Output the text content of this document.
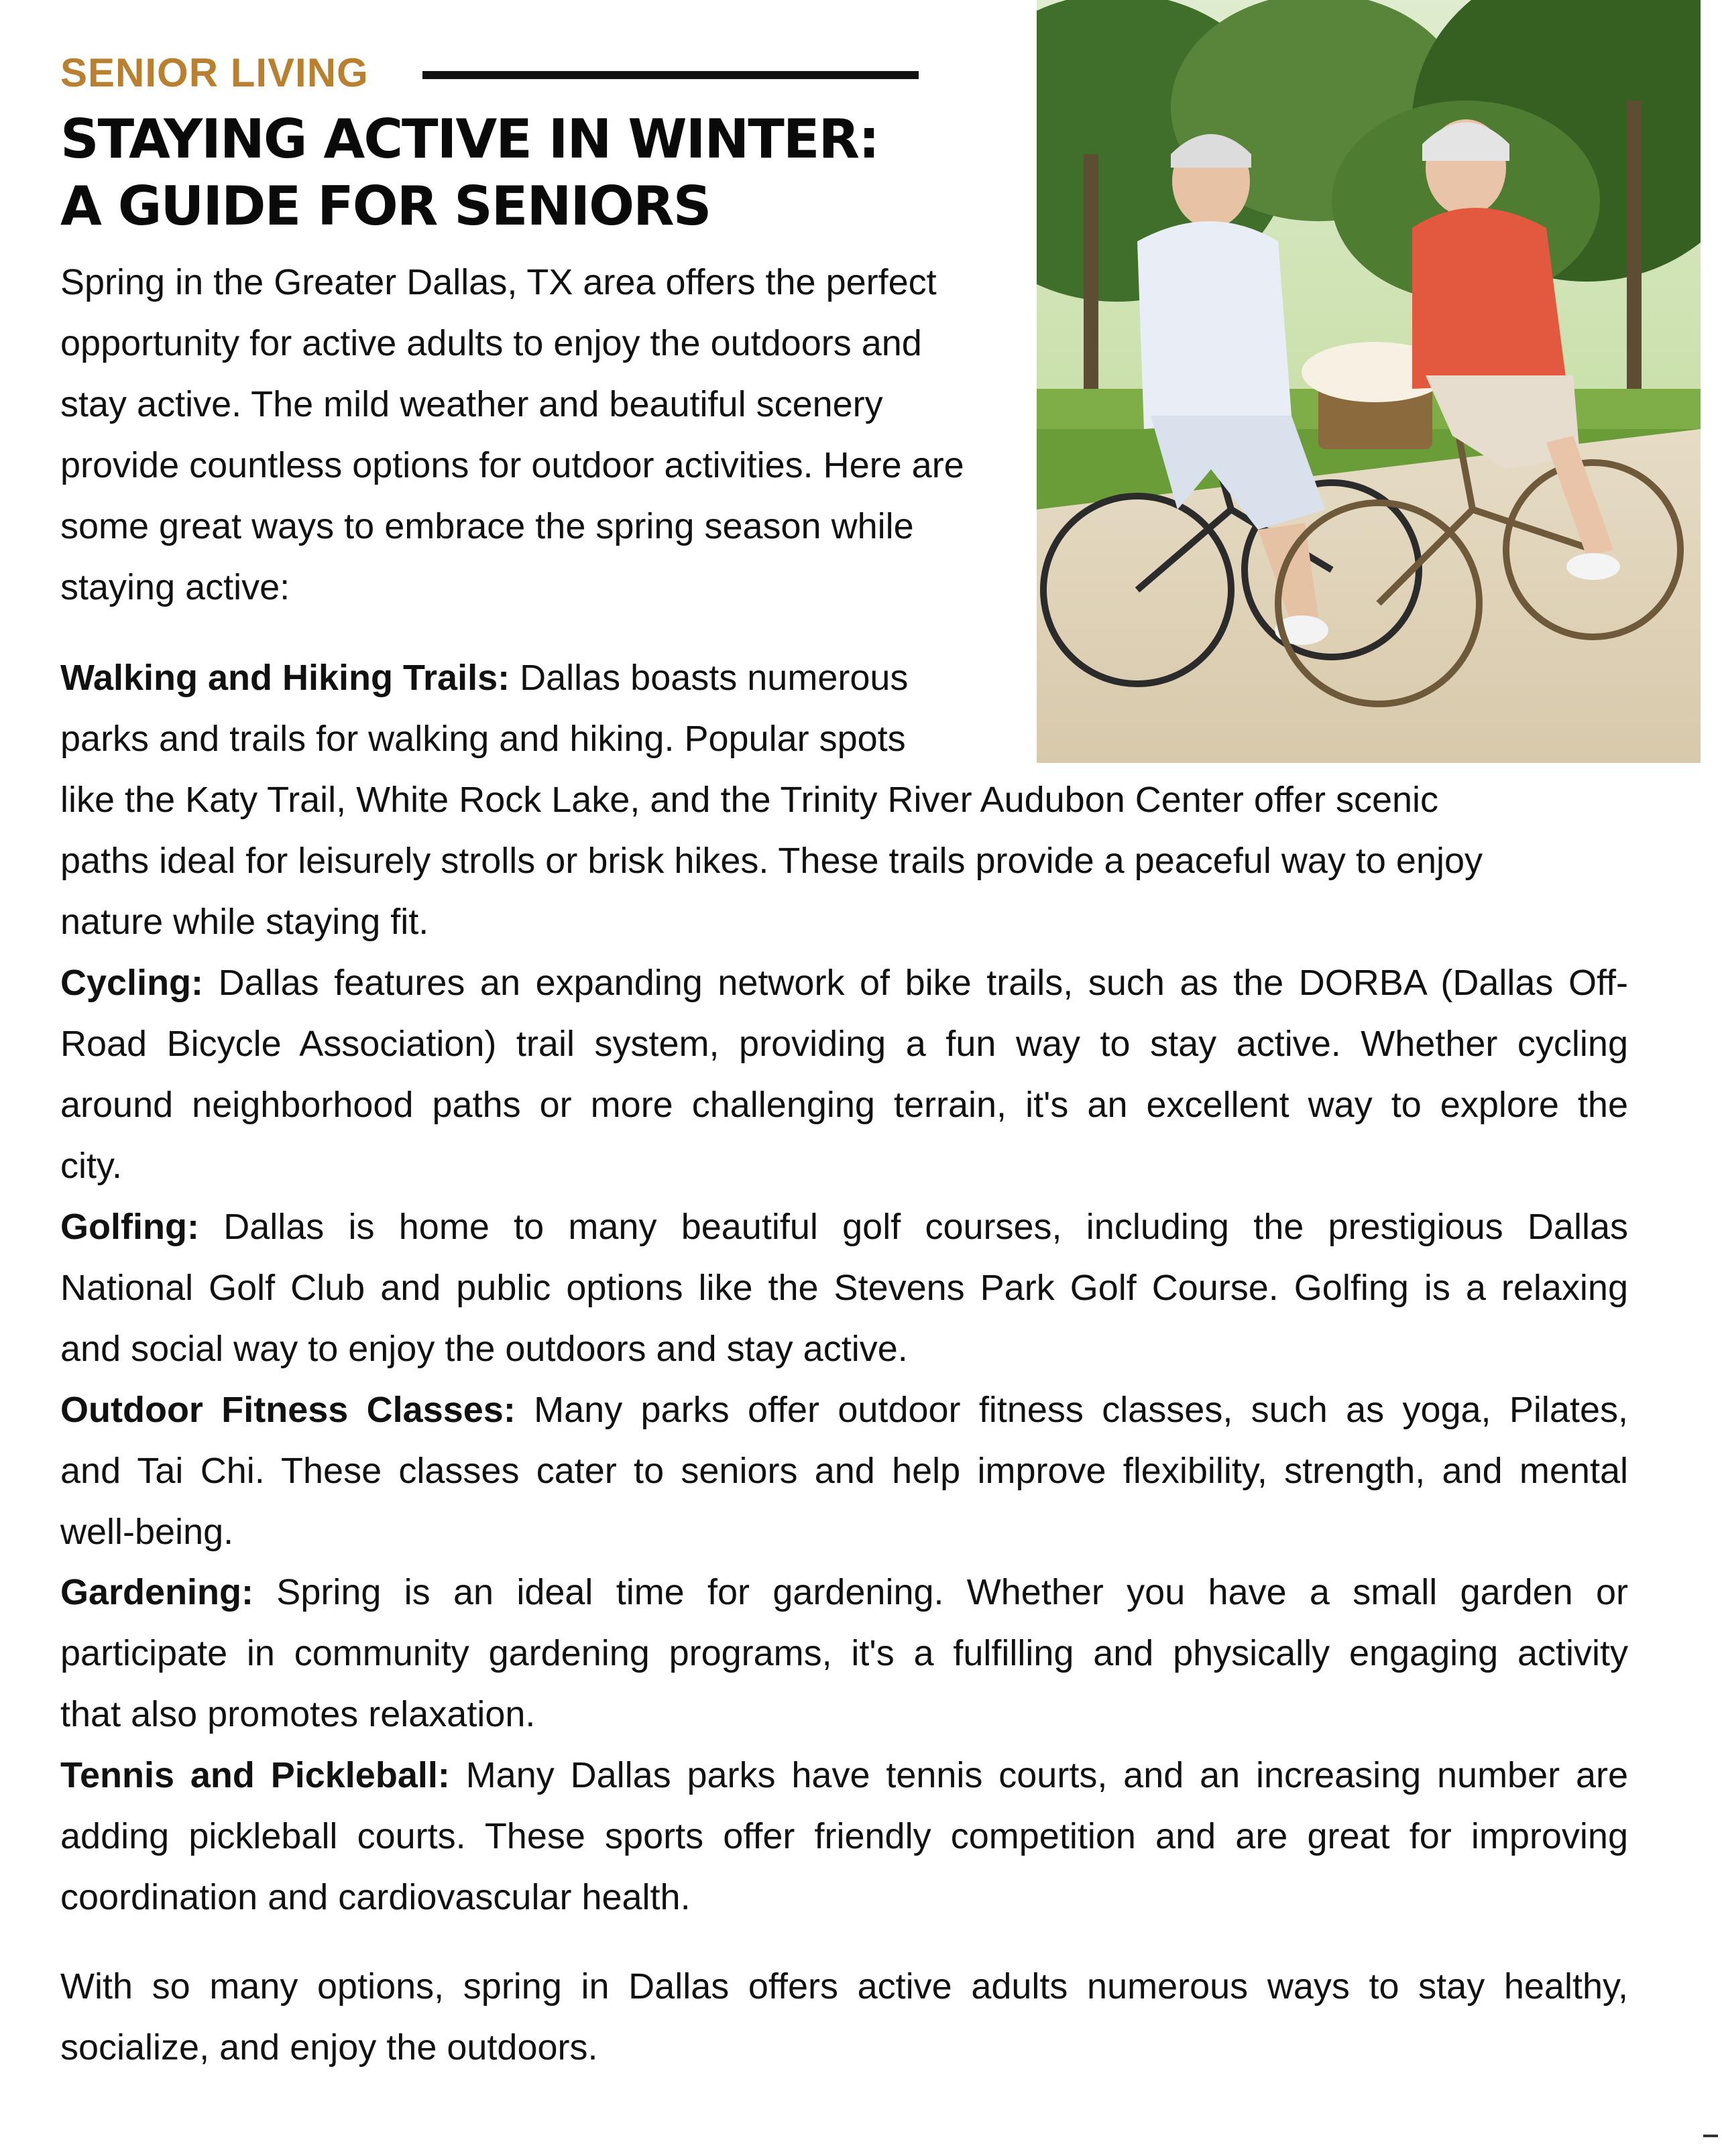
SENIOR LIVING
STAYING ACTIVE IN WINTER:
A GUIDE FOR SENIORS
Spring in the Greater Dallas, TX area offers the perfect
opportunity for active adults to enjoy the outdoors and
stay active. The mild weather and beautiful scenery
provide countless options for outdoor activities. Here are
some great ways to embrace the spring season while
staying active:
Walking and Hiking Trails: Dallas boasts numerous
parks and trails for walking and hiking. Popular spots
like the Katy Trail, White Rock Lake, and the Trinity River Audubon Center offer scenic
paths ideal for leisurely strolls or brisk hikes. These trails provide a peaceful way to enjoy
nature while staying fit.
Cycling: Dallas features an expanding network of bike trails, such as the DORBA (Dallas Off-
Road Bicycle Association) trail system, providing a fun way to stay active. Whether cycling
around neighborhood paths or more challenging terrain, it's an excellent way to explore the
city.
Golfing: Dallas is home to many beautiful golf courses, including the prestigious Dallas
National Golf Club and public options like the Stevens Park Golf Course. Golfing is a relaxing
and social way to enjoy the outdoors and stay active.
Outdoor Fitness Classes: Many parks offer outdoor fitness classes, such as yoga, Pilates,
and Tai Chi. These classes cater to seniors and help improve flexibility, strength, and mental
well-being.
Gardening: Spring is an ideal time for gardening. Whether you have a small garden or
participate in community gardening programs, it's a fulfilling and physically engaging activity
that also promotes relaxation.
Tennis and Pickleball: Many Dallas parks have tennis courts, and an increasing number are
adding pickleball courts. These sports offer friendly competition and are great for improving
coordination and cardiovascular health.
With so many options, spring in Dallas offers active adults numerous ways to stay healthy,
socialize, and enjoy the outdoors.
